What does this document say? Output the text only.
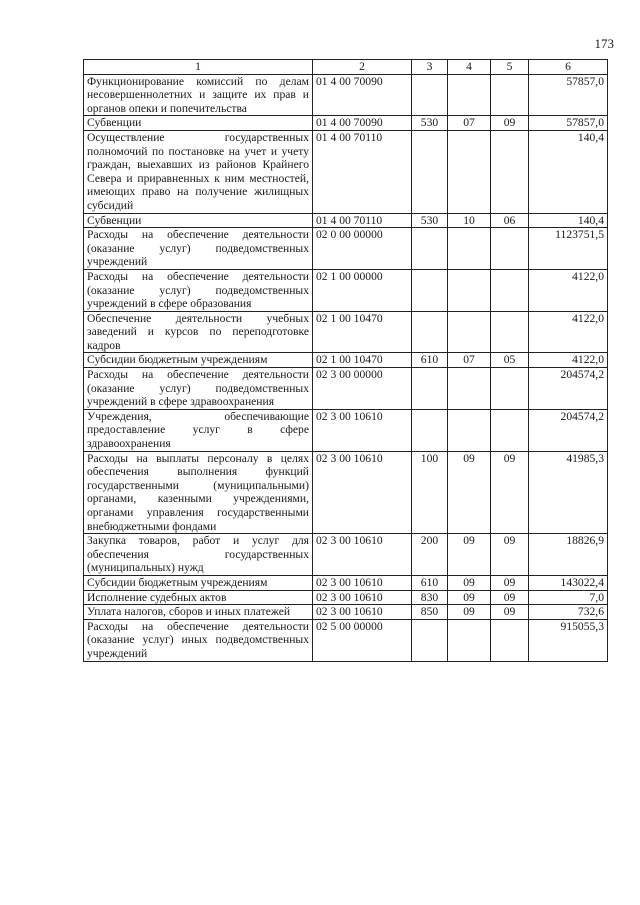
173
1	2	3	4	5	6
Функционирование комиссий по делам несовершеннолетних и защите их прав и органов опеки и попечительства	01 4 00 70090				57857,0
Субвенции	01 4 00 70090	530	07	09	57857,0
Осуществление государственных полномочий по постановке на учет и учету граждан, выехавших из районов Крайнего Севера и приравненных к ним местностей, имеющих право на получение жилищных субсидий	01 4 00 70110				140,4
Субвенции	01 4 00 70110	530	10	06	140,4
Расходы на обеспечение деятельности (оказание услуг) подведомственных учреждений	02 0 00 00000				1123751,5
Расходы на обеспечение деятельности (оказание услуг) подведомственных учреждений в сфере образования	02 1 00 00000				4122,0
Обеспечение деятельности учебных заведений и курсов по переподготовке кадров	02 1 00 10470				4122,0
Субсидии бюджетным учреждениям	02 1 00 10470	610	07	05	4122,0
Расходы на обеспечение деятельности (оказание услуг) подведомственных учреждений в сфере здравоохранения	02 3 00 00000				204574,2
Учреждения, обеспечивающие предоставление услуг в сфере здравоохранения	02 3 00 10610				204574,2
Расходы на выплаты персоналу в целях обеспечения выполнения функций государственными (муниципальными) органами, казенными учреждениями, органами управления государственными внебюджетными фондами	02 3 00 10610	100	09	09	41985,3
Закупка товаров, работ и услуг для обеспечения государственных (муниципальных) нужд	02 3 00 10610	200	09	09	18826,9
Субсидии бюджетным учреждениям	02 3 00 10610	610	09	09	143022,4
Исполнение судебных актов	02 3 00 10610	830	09	09	7,0
Уплата налогов, сборов и иных платежей	02 3 00 10610	850	09	09	732,6
Расходы на обеспечение деятельности (оказание услуг) иных подведомственных учреждений	02 5 00 00000				915055,3
